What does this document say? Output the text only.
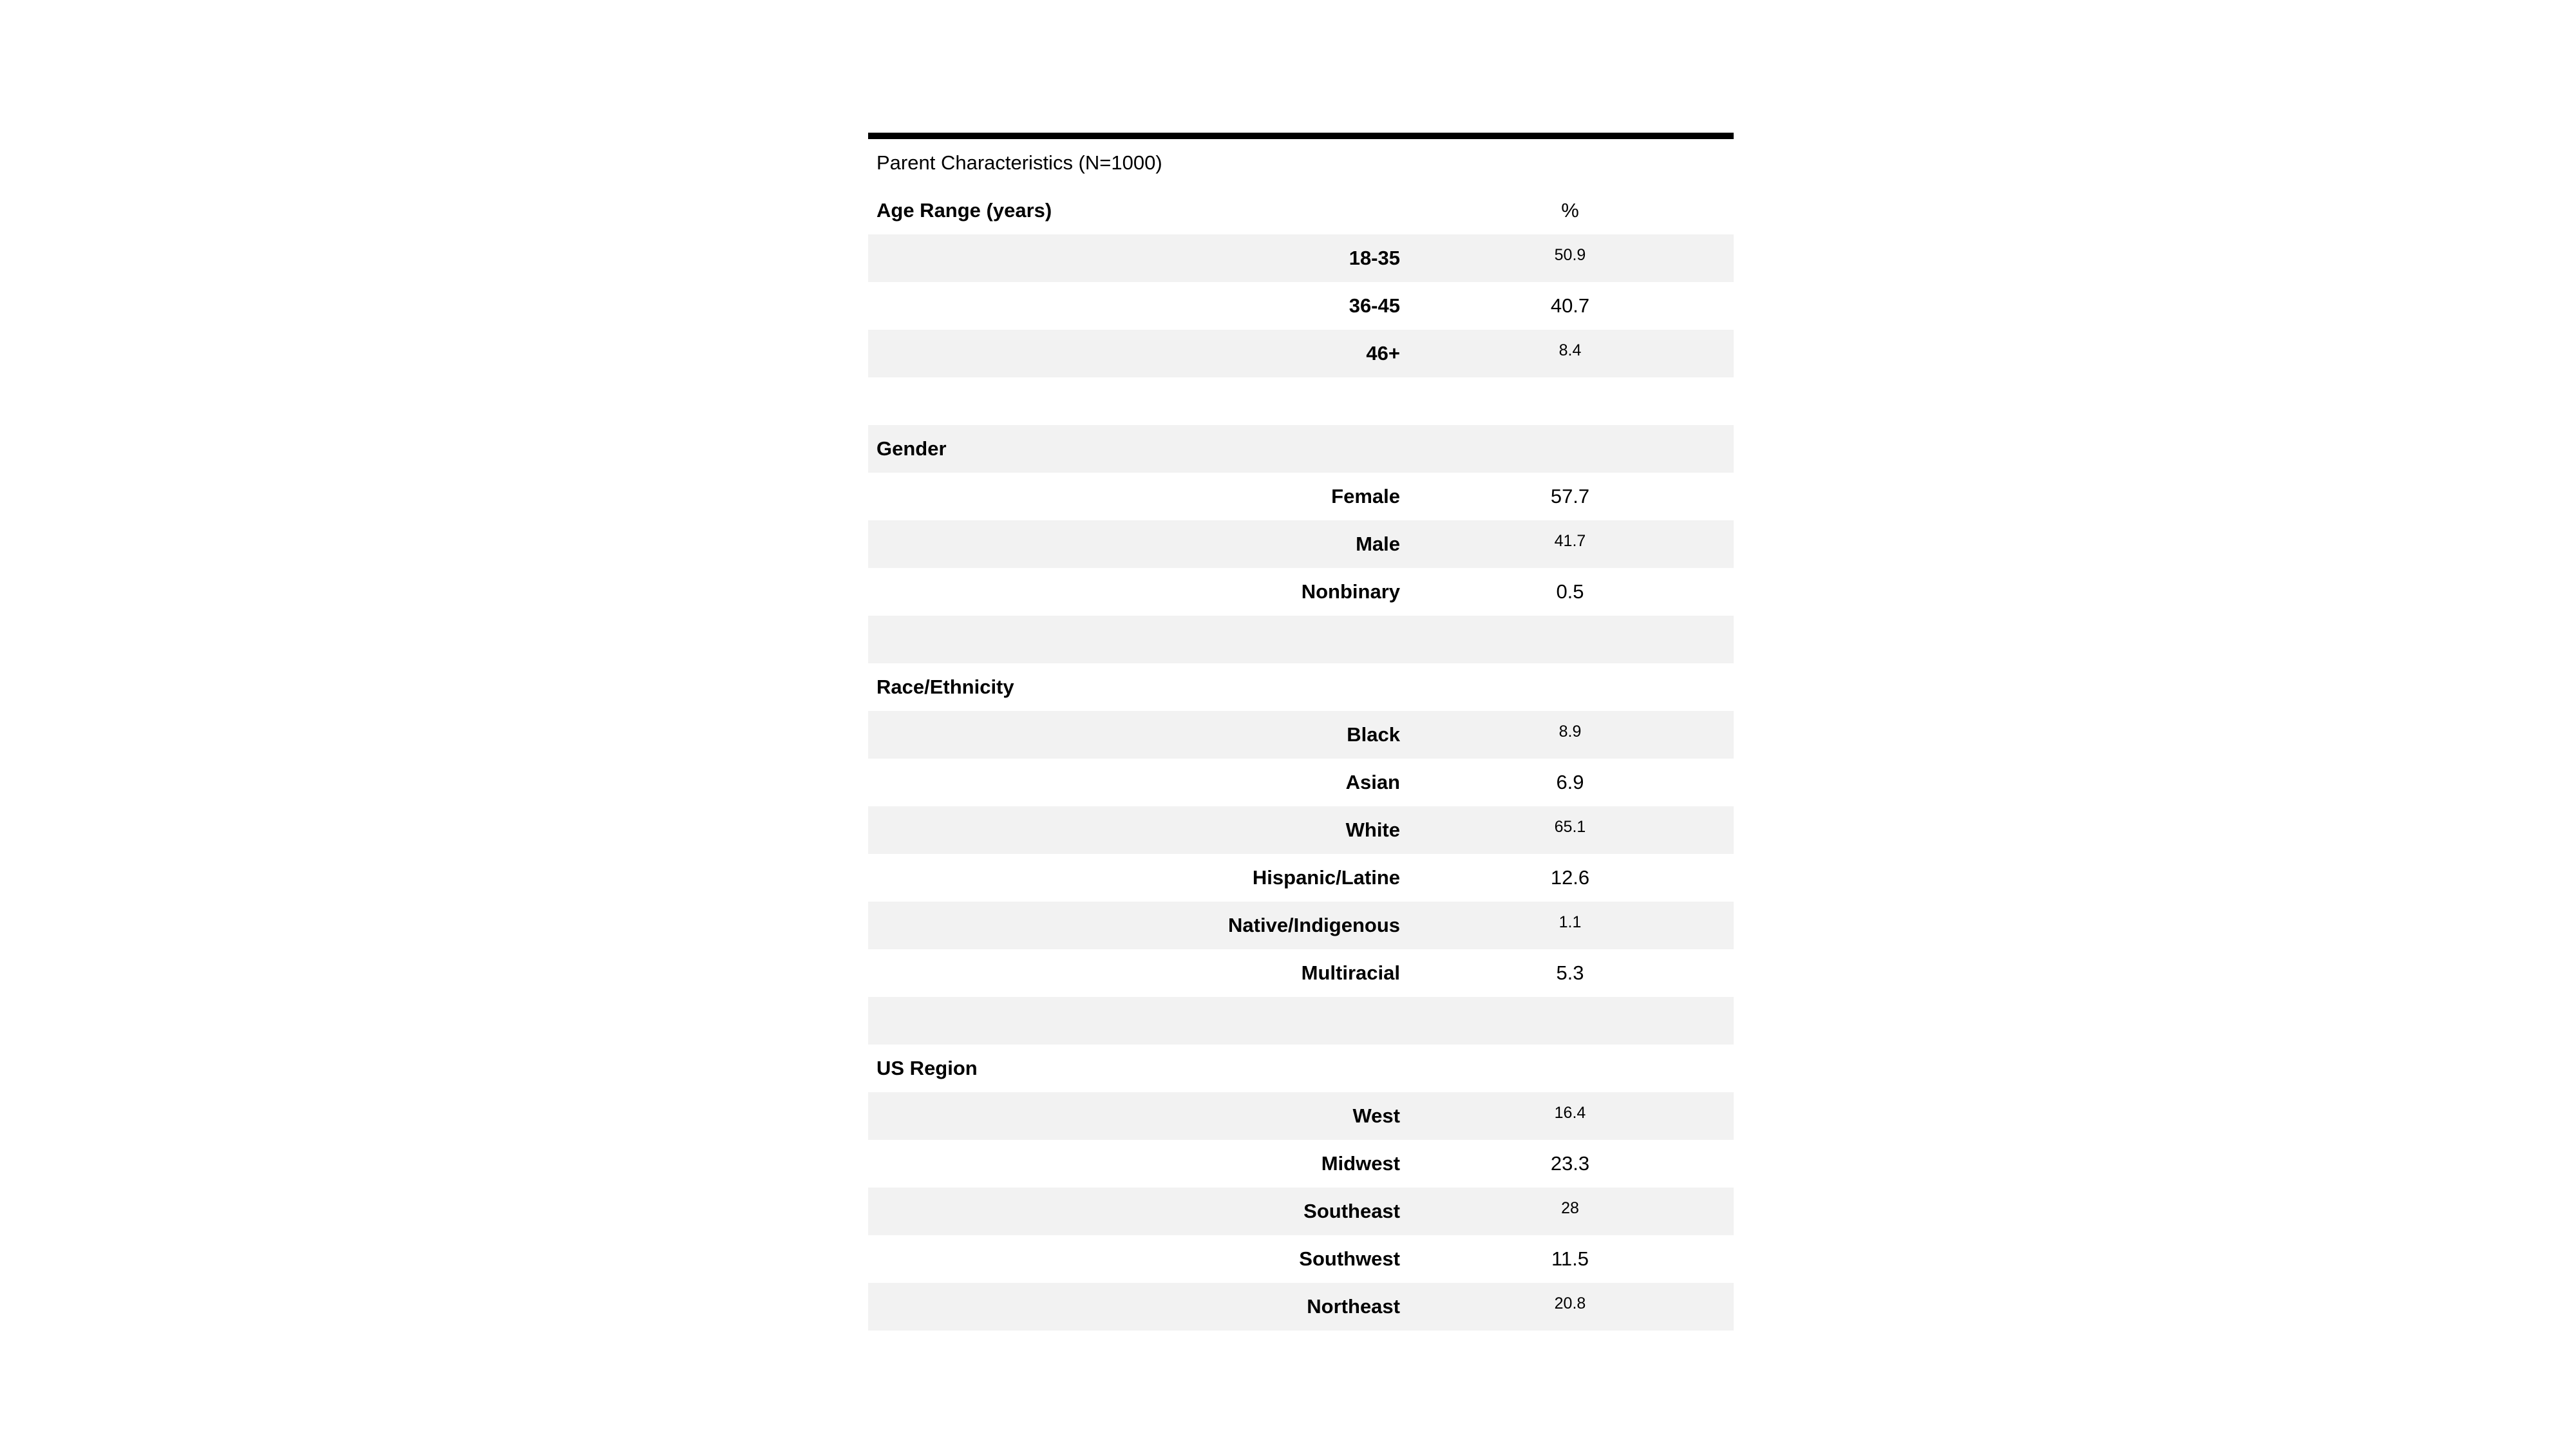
Parent Characteristics (N=1000)
Age Range (years)	%
18-35	50.9
36-45	40.7
46+	8.4
Gender
Female	57.7
Male	41.7
Nonbinary	0.5
Race/Ethnicity
Black	8.9
Asian	6.9
White	65.1
Hispanic/Latine	12.6
Native/Indigenous	1.1
Multiracial	5.3
US Region
West	16.4
Midwest	23.3
Southeast	28
Southwest	11.5
Northeast	20.8
